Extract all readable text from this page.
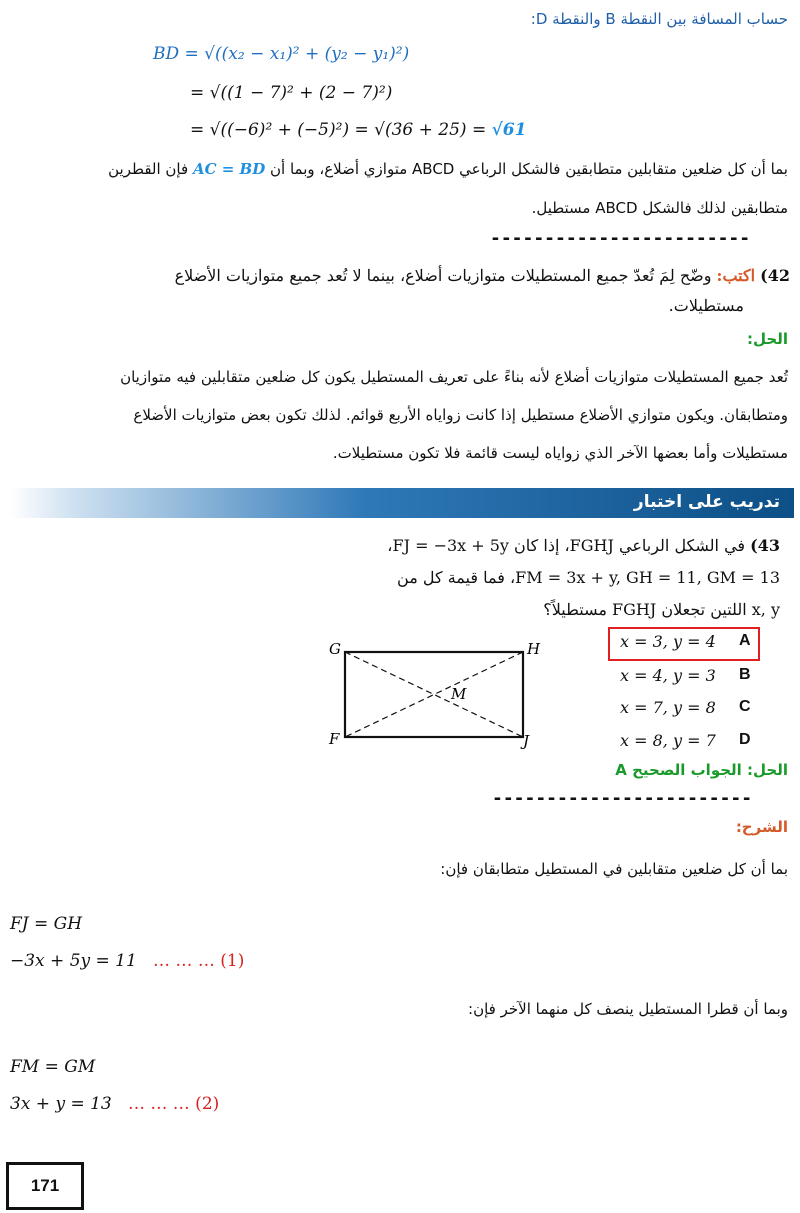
حساب المسافة بين النقطة B والنقطة D:
BD = √((x₂ − x₁)² + (y₂ − y₁)²)
= √((1 − 7)² + (2 − 7)²)
= √((−6)² + (−5)²) = √(36 + 25) = √61
بما أن كل ضلعين متقابلين متطابقين فالشكل الرباعي ABCD متوازي أضلاع، وبما أن AC = BD فإن القطرين
متطابقين لذلك فالشكل ABCD مستطيل.
------------------------
42) اكتب: وضّح لِمَ تُعدّ جميع المستطيلات متوازيات أضلاع، بينما لا تُعد جميع متوازيات الأضلاع
مستطيلات.
الحل:
تُعد جميع المستطيلات متوازيات أضلاع لأنه بناءً على تعريف المستطيل يكون كل ضلعين متقابلين فيه متوازيان
ومتطابقان. ويكون متوازي الأضلاع مستطيل إذا كانت زواياه الأربع قوائم. لذلك تكون بعض متوازيات الأضلاع
مستطيلات وأما بعضها الآخر الذي زواياه ليست قائمة فلا تكون مستطيلات.
تدريب على اختبار
43) في الشكل الرباعي FGHJ، إذا كان FJ = −3x + 5y،
FM = 3x + y, GH = 11, GM = 13، فما قيمة كل من
x, y اللتين تجعلان FGHJ مستطيلاً؟
x = 3, y = 4 A
x = 4, y = 3 B
x = 7, y = 8 C
x = 8, y = 7 D
الحل: الجواب الصحيح A
G	H
F	J
M
------------------------
الشرح:
بما أن كل ضلعين متقابلين في المستطيل متطابقان فإن:
FJ = GH
−3x + 5y = 11 … … … (1)
وبما أن قطرا المستطيل ينصف كل منهما الآخر فإن:
FM = GM
3x + y = 13 … … … (2)
171
